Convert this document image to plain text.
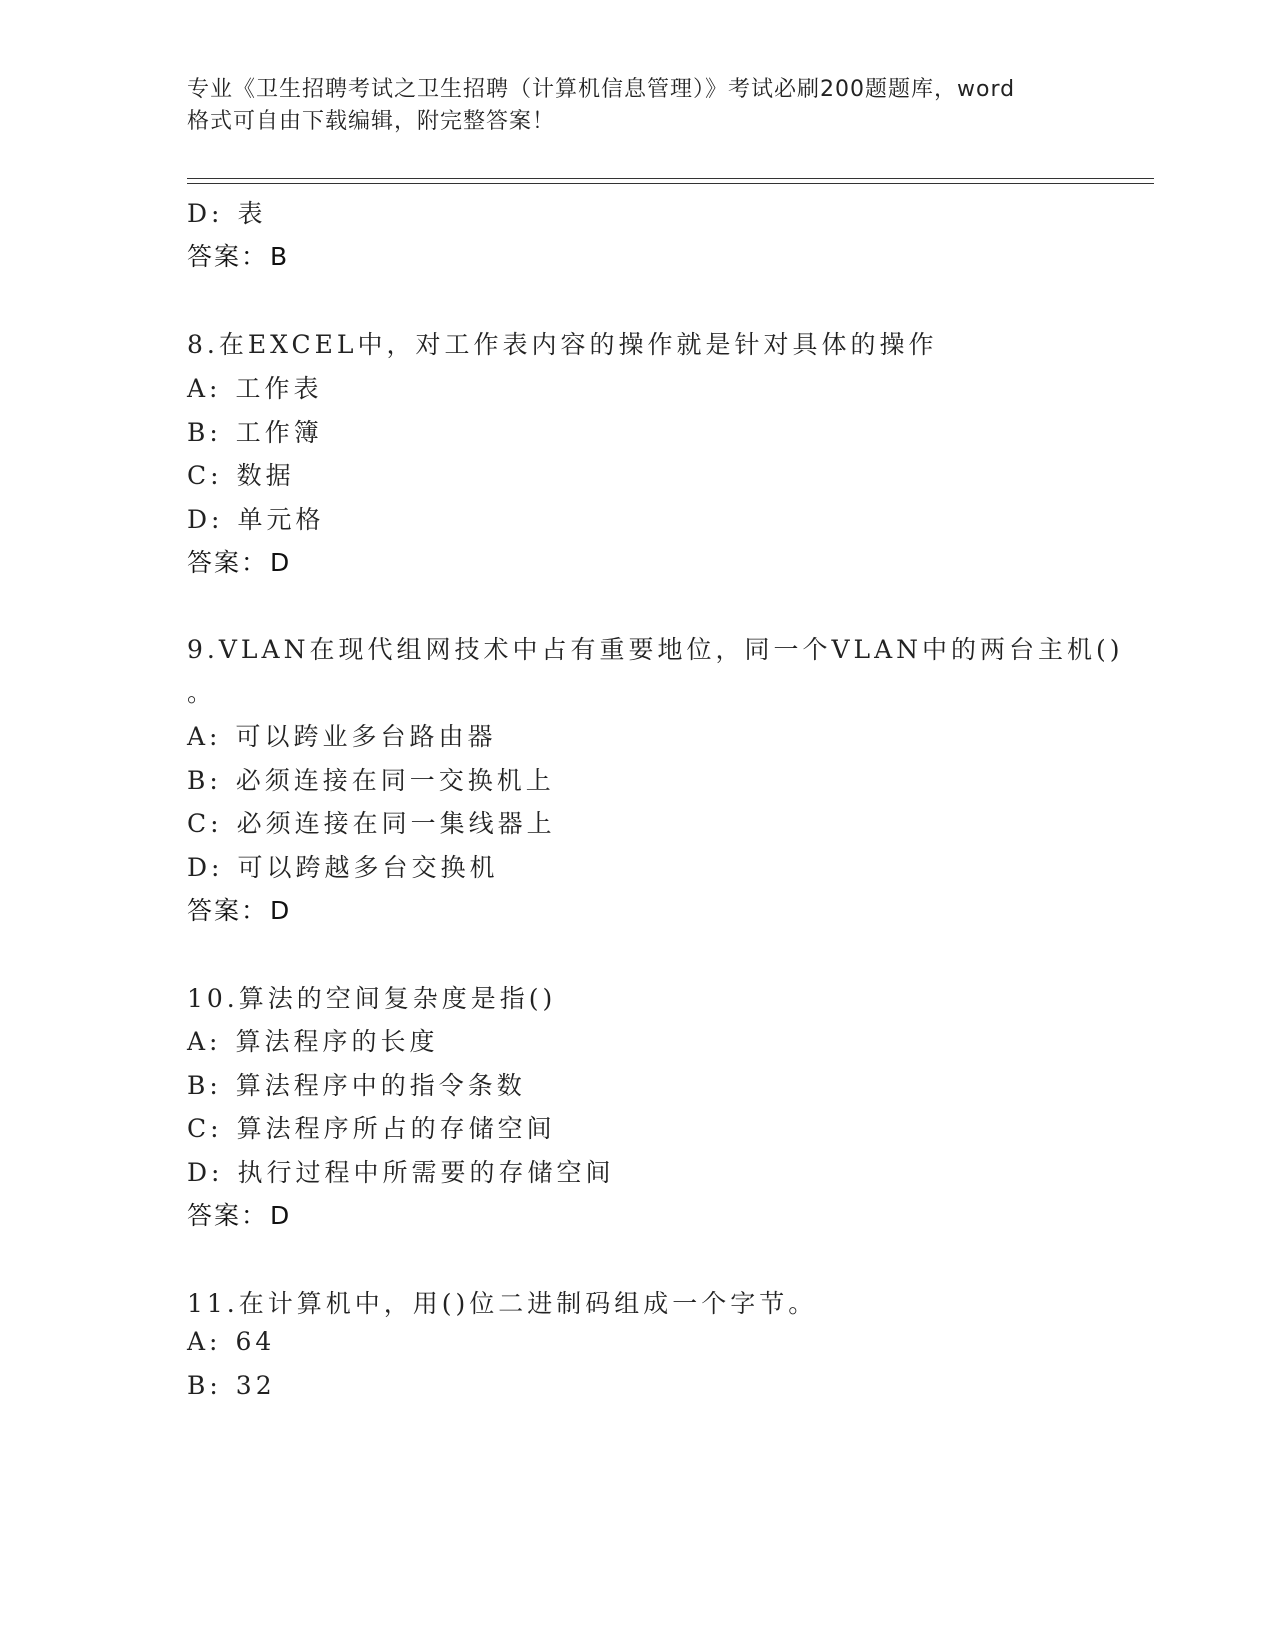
专业《卫生招聘考试之卫生招聘（计算机信息管理）》考试必刷200题题库，word
格式可自由下载编辑，附完整答案！
D: 表
答案：B
8.在EXCEL中，对工作表内容的操作就是针对具体的操作
A: 工作表
B: 工作簿
C: 数据
D: 单元格
答案：D
9.VLAN在现代组网技术中占有重要地位，同一个VLAN中的两台主机()
。
A: 可以跨业多台路由器
B: 必须连接在同一交换机上
C: 必须连接在同一集线器上
D: 可以跨越多台交换机
答案：D
10.算法的空间复杂度是指()
A: 算法程序的长度
B: 算法程序中的指令条数
C: 算法程序所占的存储空间
D: 执行过程中所需要的存储空间
答案：D
11.在计算机中，用()位二进制码组成一个字节。
A: 64
B: 32
